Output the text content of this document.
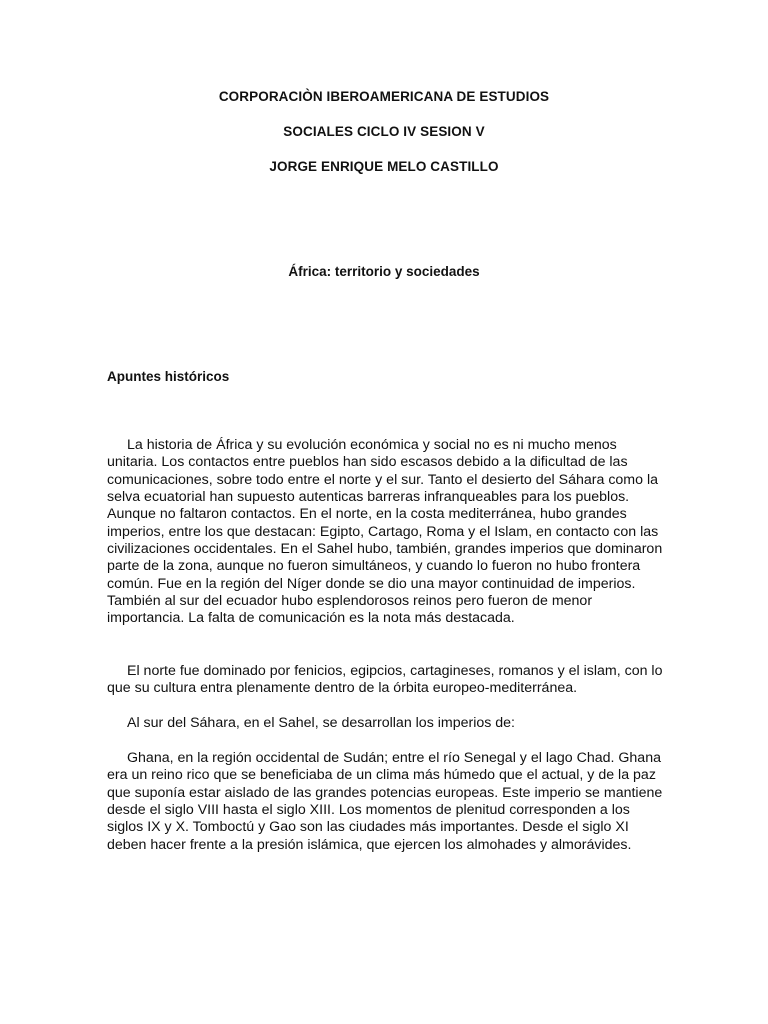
CORPORACIÒN IBEROAMERICANA DE ESTUDIOS
SOCIALES CICLO IV SESION V
JORGE ENRIQUE MELO CASTILLO
África: territorio y sociedades
Apuntes históricos

La historia de África y su evolución económica y social no es ni mucho menos unitaria. Los contactos entre pueblos han sido escasos debido a la dificultad de las comunicaciones, sobre todo entre el norte y el sur. Tanto el desierto del Sáhara como la selva ecuatorial han supuesto autenticas barreras infranqueables para los pueblos. Aunque no faltaron contactos. En el norte, en la costa mediterránea, hubo grandes imperios, entre los que destacan: Egipto, Cartago, Roma y el Islam, en contacto con las civilizaciones occidentales. En el Sahel hubo, también, grandes imperios que dominaron parte de la zona, aunque no fueron simultáneos, y cuando lo fueron no hubo frontera común. Fue en la región del Níger donde se dio una mayor continuidad de imperios. También al sur del ecuador hubo esplendorosos reinos pero fueron de menor importancia. La falta de comunicación es la nota más destacada.

El norte fue dominado por fenicios, egipcios, cartagineses, romanos y el islam, con lo que su cultura entra plenamente dentro de la órbita europeo-mediterránea.

Al sur del Sáhara, en el Sahel, se desarrollan los imperios de:

Ghana, en la región occidental de Sudán; entre el río Senegal y el lago Chad. Ghana era un reino rico que se beneficiaba de un clima más húmedo que el actual, y de la paz que suponía estar aislado de las grandes potencias europeas. Este imperio se mantiene desde el siglo VIII hasta el siglo XIII. Los momentos de plenitud corresponden a los siglos IX y X. Tomboctú y Gao son las ciudades más importantes. Desde el siglo XI deben hacer frente a la presión islámica, que ejercen los almohades y almorávides.
